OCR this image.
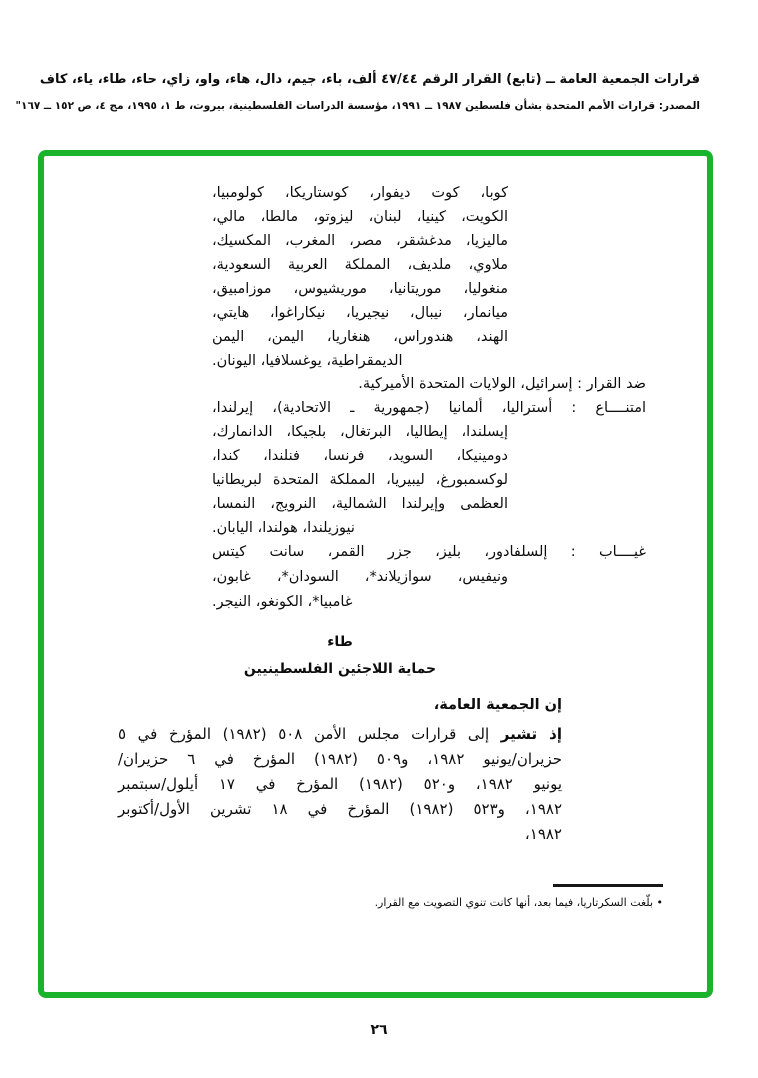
قرارات الجمعية العامة ــ (تابع) القرار الرقم ٤٧/٤٤ ألف، باء، جيم، دال، هاء، واو، زاي، حاء، طاء، ياء، كاف
المصدر: قرارات الأمم المتحدة بشأن فلسطين ١٩٨٧ ــ ١٩٩١، مؤسسة الدراسات الفلسطينية، بيروت، ط ١، ١٩٩٥، مج ٤، ص ١٥٢ ــ ١٦٧"
كوبا، كوت ديفوار، كوستاريكا، كولومبيا،
الكويت، كينيا، لبنان، ليزوتو، مالطا، مالي،
ماليزيا، مدغشقر، مصر، المغرب، المكسيك،
ملاوي، ملديف، المملكة العربية السعودية،
منغوليا، موريتانيا، موريشيوس، موزامبيق،
ميانمار، نيبال، نيجيريا، نيكاراغوا، هايتي،
الهند، هندوراس، هنغاريا، اليمن، اليمن
الديمقراطية، يوغسلافيا، اليونان.
ضد القرار : إسرائيل، الولايات المتحدة الأميركية.
امتنــــاع : أستراليا، ألمانيا (جمهورية ـ الاتحادية)، إيرلندا،
إيسلندا، إيطاليا، البرتغال، بلجيكا، الدانمارك،
دومينيكا، السويد، فرنسا، فنلندا، كندا،
لوكسمبورغ، ليبيريا، المملكة المتحدة لبريطانيا
العظمى وإيرلندا الشمالية، النرويج، النمسا،
نيوزيلندا، هولندا، اليابان.
غيــــاب : إلسلفادور، بليز، جزر القمر، سانت كيتس
ونيفيس، سوازيلاند*، السودان*، غابون،
غامبيا*، الكونغو، النيجر.
طاء
حماية اللاجئين الفلسطينيين
إن الجمعية العامة،
إذ تشير إلى قرارات مجلس الأمن ٥٠٨ (١٩٨٢) المؤرخ في ٥
حزيران/يونيو ١٩٨٢، و٥٠٩ (١٩٨٢) المؤرخ في ٦ حزيران/
يونيو ١٩٨٢، و٥٢٠ (١٩٨٢) المؤرخ في ١٧ أيلول/سبتمبر
١٩٨٢، و٥٢٣ (١٩٨٢) المؤرخ في ١٨ تشرين الأول/أكتوبر
١٩٨٢،
• بلّغت السكرتاريا، فيما بعد، أنها كانت تنوي التصويت مع القرار.
٢٦
